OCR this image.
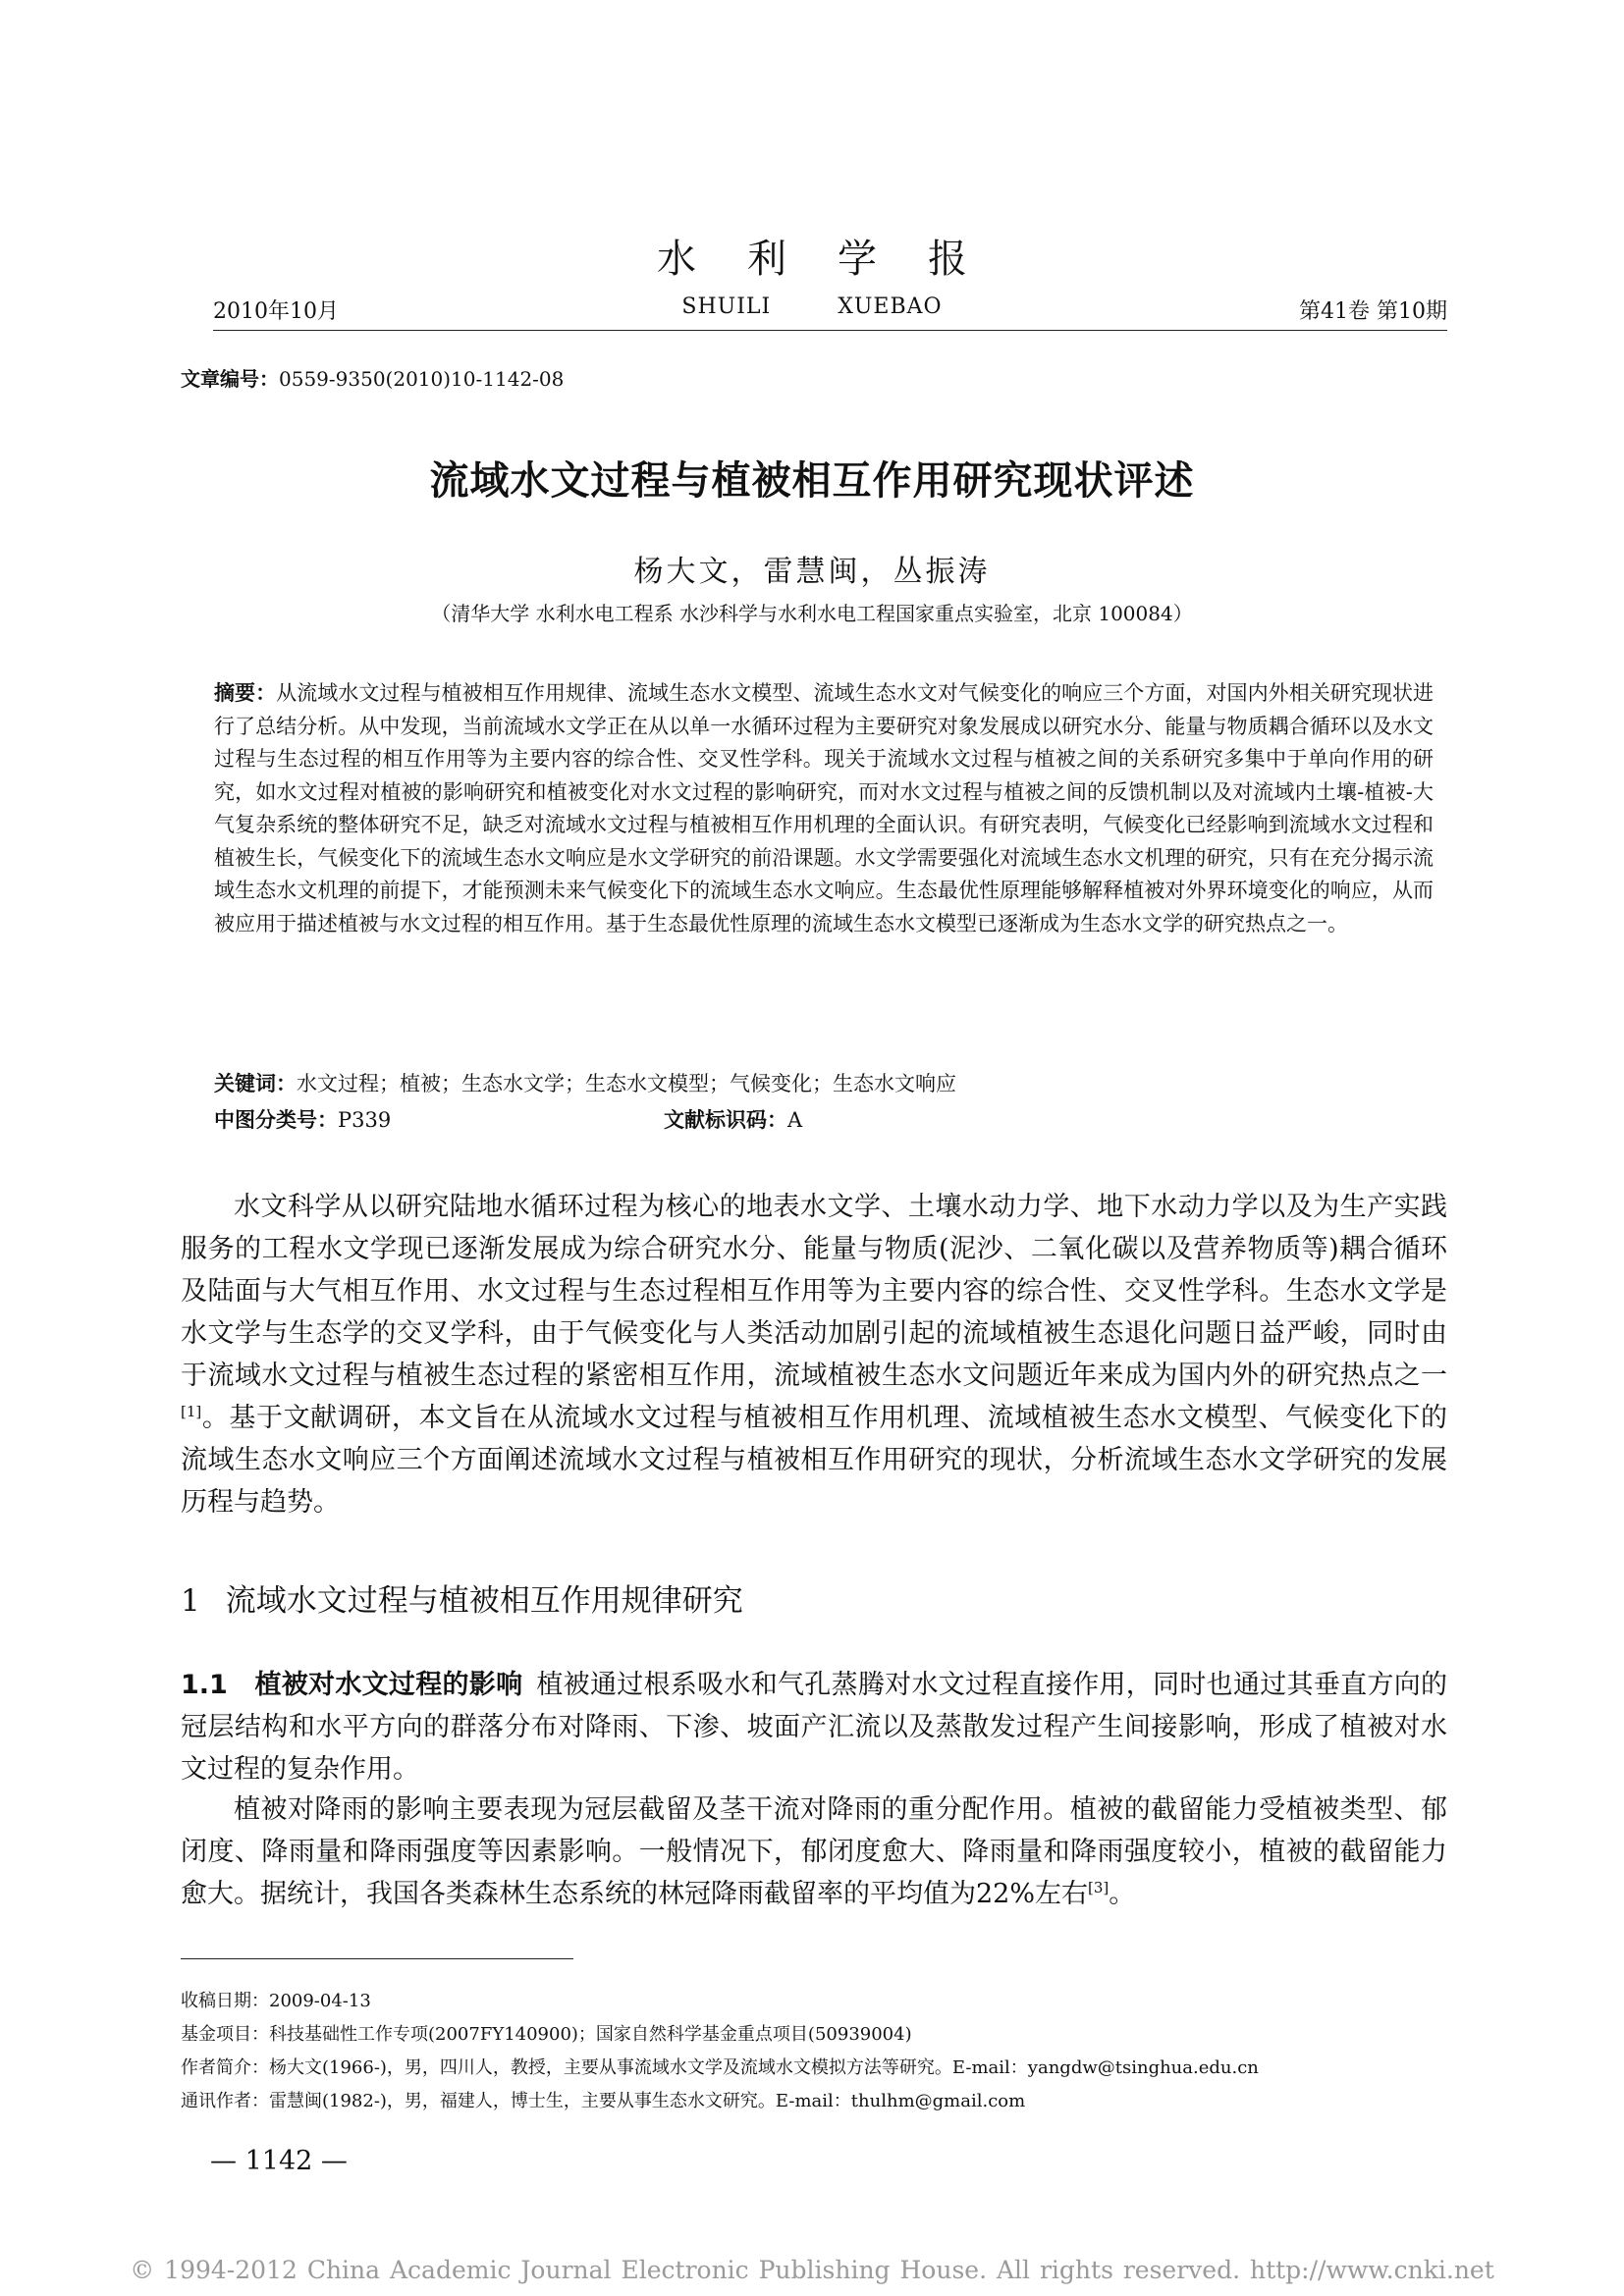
水利学报
2010年10月	SHUILI	XUEBAO	第41卷 第10期
文章编号：0559-9350(2010)10-1142-08
流域水文过程与植被相互作用研究现状评述
杨大文，雷慧闽，丛振涛
（清华大学 水利水电工程系 水沙科学与水利水电工程国家重点实验室，北京 100084）
摘要：从流域水文过程与植被相互作用规律、流域生态水文模型、流域生态水文对气候变化的响应三个方面，对国内外相关研究现状进行了总结分析。从中发现，当前流域水文学正在从以单一水循环过程为主要研究对象发展成以研究水分、能量与物质耦合循环以及水文过程与生态过程的相互作用等为主要内容的综合性、交叉性学科。现关于流域水文过程与植被之间的关系研究多集中于单向作用的研究，如水文过程对植被的影响研究和植被变化对水文过程的影响研究，而对水文过程与植被之间的反馈机制以及对流域内土壤-植被-大气复杂系统的整体研究不足，缺乏对流域水文过程与植被相互作用机理的全面认识。有研究表明，气候变化已经影响到流域水文过程和植被生长，气候变化下的流域生态水文响应是水文学研究的前沿课题。水文学需要强化对流域生态水文机理的研究，只有在充分揭示流域生态水文机理的前提下，才能预测未来气候变化下的流域生态水文响应。生态最优性原理能够解释植被对外界环境变化的响应，从而被应用于描述植被与水文过程的相互作用。基于生态最优性原理的流域生态水文模型已逐渐成为生态水文学的研究热点之一。
关键词：水文过程；植被；生态水文学；生态水文模型；气候变化；生态水文响应
中图分类号：P339	文献标识码：A
水文科学从以研究陆地水循环过程为核心的地表水文学、土壤水动力学、地下水动力学以及为生产实践服务的工程水文学现已逐渐发展成为综合研究水分、能量与物质(泥沙、二氧化碳以及营养物质等)耦合循环及陆面与大气相互作用、水文过程与生态过程相互作用等为主要内容的综合性、交叉性学科。生态水文学是水文学与生态学的交叉学科，由于气候变化与人类活动加剧引起的流域植被生态退化问题日益严峻，同时由于流域水文过程与植被生态过程的紧密相互作用，流域植被生态水文问题近年来成为国内外的研究热点之一[1]。基于文献调研，本文旨在从流域水文过程与植被相互作用机理、流域植被生态水文模型、气候变化下的流域生态水文响应三个方面阐述流域水文过程与植被相互作用研究的现状，分析流域生态水文学研究的发展历程与趋势。
1 流域水文过程与植被相互作用规律研究
1.1　 植被对水文过程的影响 植被通过根系吸水和气孔蒸腾对水文过程直接作用，同时也通过其垂直方向的冠层结构和水平方向的群落分布对降雨、下渗、坡面产汇流以及蒸散发过程产生间接影响，形成了植被对水文过程的复杂作用。
植被对降雨的影响主要表现为冠层截留及茎干流对降雨的重分配作用。植被的截留能力受植被类型、郁闭度、降雨量和降雨强度等因素影响。一般情况下，郁闭度愈大、降雨量和降雨强度较小，植被的截留能力愈大。据统计，我国各类森林生态系统的林冠降雨截留率的平均值为22%左右[3]。
收稿日期：2009-04-13
基金项目：科技基础性工作专项(2007FY140900)；国家自然科学基金重点项目(50939004)
作者简介：杨大文(1966-)，男，四川人，教授，主要从事流域水文学及流域水文模拟方法等研究。E-mail：yangdw@tsinghua.edu.cn
通讯作者：雷慧闽(1982-)，男，福建人，博士生，主要从事生态水文研究。E-mail：thulhm@gmail.com
— 1142 —
© 1994-2012 China Academic Journal Electronic Publishing House. All rights reserved. http://www.cnki.net
